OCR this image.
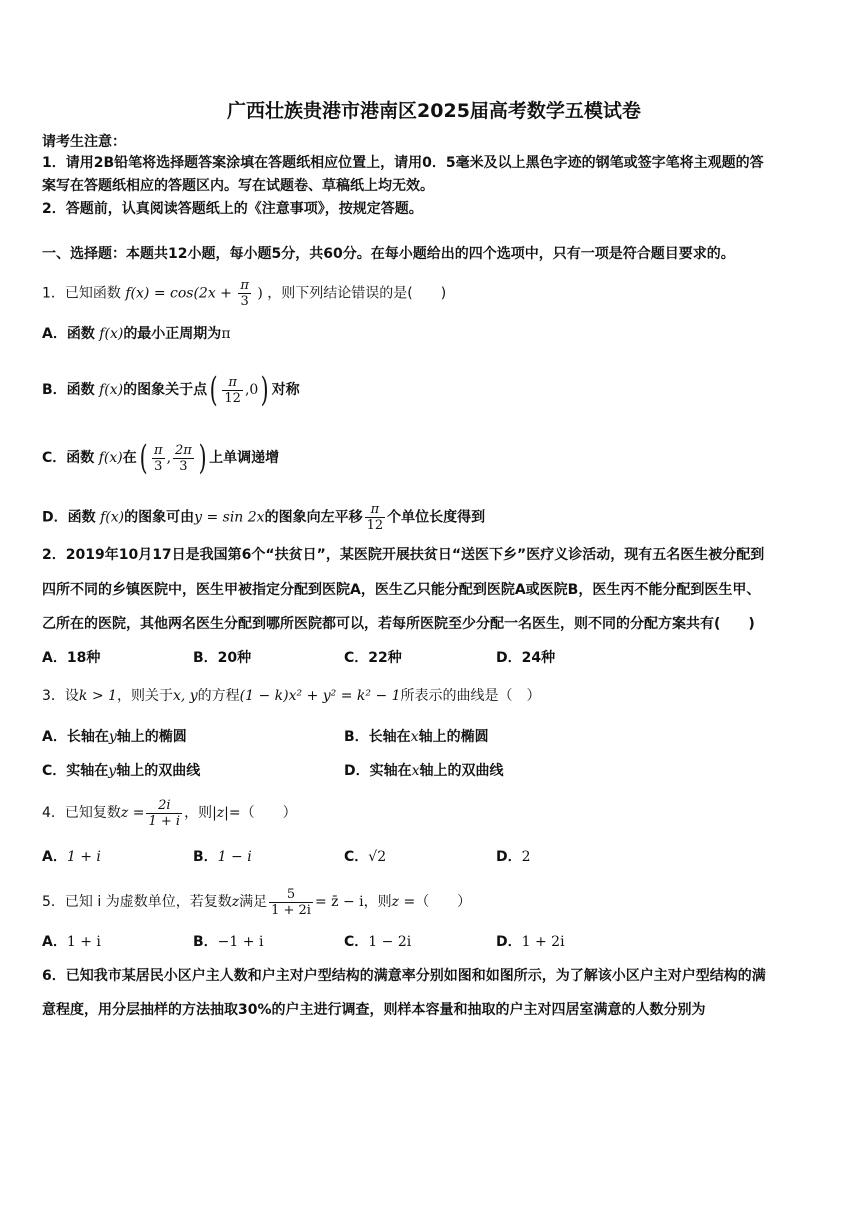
广西壮族贵港市港南区2025届高考数学五模试卷
请考生注意：
1．请用2B铅笔将选择题答案涂填在答题纸相应位置上，请用0．5毫米及以上黑色字迹的钢笔或签字笔将主观题的答
案写在答题纸相应的答题区内。写在试题卷、草稿纸上均无效。
2．答题前，认真阅读答题纸上的《注意事项》，按规定答题。
一、选择题：本题共12小题，每小题5分，共60分。在每小题给出的四个选项中，只有一项是符合题目要求的。
1．已知函数 $f(x) = \cos(2x + \frac{\pi}{3}$ ) ，则下列结论错误的是(　　)
A．函数 f(x)的最小正周期为π
B．函数 f(x)的图象关于点( $\frac{\pi}{12} ,0$) 对称
C．函数 f(x)在( $\frac{\pi}{3}$ , $\frac{2\pi}{3}$ ) 上单调递增
D．函数 f(x)的图象可由y = sin 2x的图象向左平移 $\frac{\pi}{12}$ 个单位长度得到
2．2019年10月17日是我国第6个“扶贫日”，某医院开展扶贫日“送医下乡”医疗义诊活动，现有五名医生被分配到
四所不同的乡镇医院中，医生甲被指定分配到医院A，医生乙只能分配到医院A或医院B，医生丙不能分配到医生甲、
乙所在的医院，其他两名医生分配到哪所医院都可以，若每所医院至少分配一名医生，则不同的分配方案共有(　　)
A．18种	B．20种	C．22种	D．24种
3．设k > 1，则关于x, y的方程(1 − k)x² + y² = k² − 1所表示的曲线是（　）
A．长轴在y轴上的椭圆	B．长轴在x轴上的椭圆
C．实轴在y轴上的双曲线	D．实轴在x轴上的双曲线
4．已知复数$z = \frac{2i}{1 + i}$ ，则|z|=（　　）
A．1 + i	B．1 − i	C．√2	D．2
5．已知 i 为虚数单位，若复数z满足 $\frac{5}{1 + 2i}$ = z̄ − i，则z =（　　）
A．1 + i	B．−1 + i	C．1 − 2i	D．1 + 2i
6．已知我市某居民小区户主人数和户主对户型结构的满意率分别如图和如图所示，为了解该小区户主对户型结构的满
意程度，用分层抽样的方法抽取30%的户主进行调查，则样本容量和抽取的户主对四居室满意的人数分别为
